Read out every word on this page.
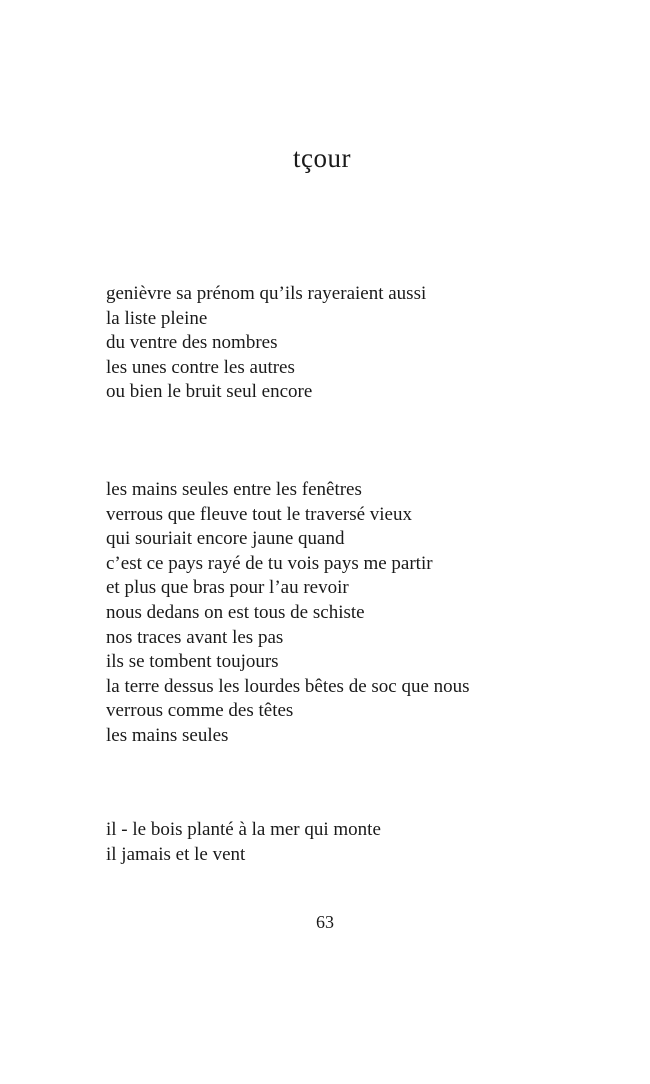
tçour
genièvre sa prénom qu’ils rayeraient aussi
la liste pleine
du ventre des nombres
les unes contre les autres
ou bien le bruit seul encore
les mains seules entre les fenêtres
verrous que fleuve tout le traversé vieux
qui souriait encore jaune quand
c’est ce pays rayé de tu vois pays me partir
et plus que bras pour l’au revoir
nous dedans on est tous de schiste
nos traces avant les pas
ils se tombent toujours
la terre dessus les lourdes bêtes de soc que nous
verrous comme des têtes
les mains seules
il - le bois planté à la mer qui monte
il jamais et le vent
63
